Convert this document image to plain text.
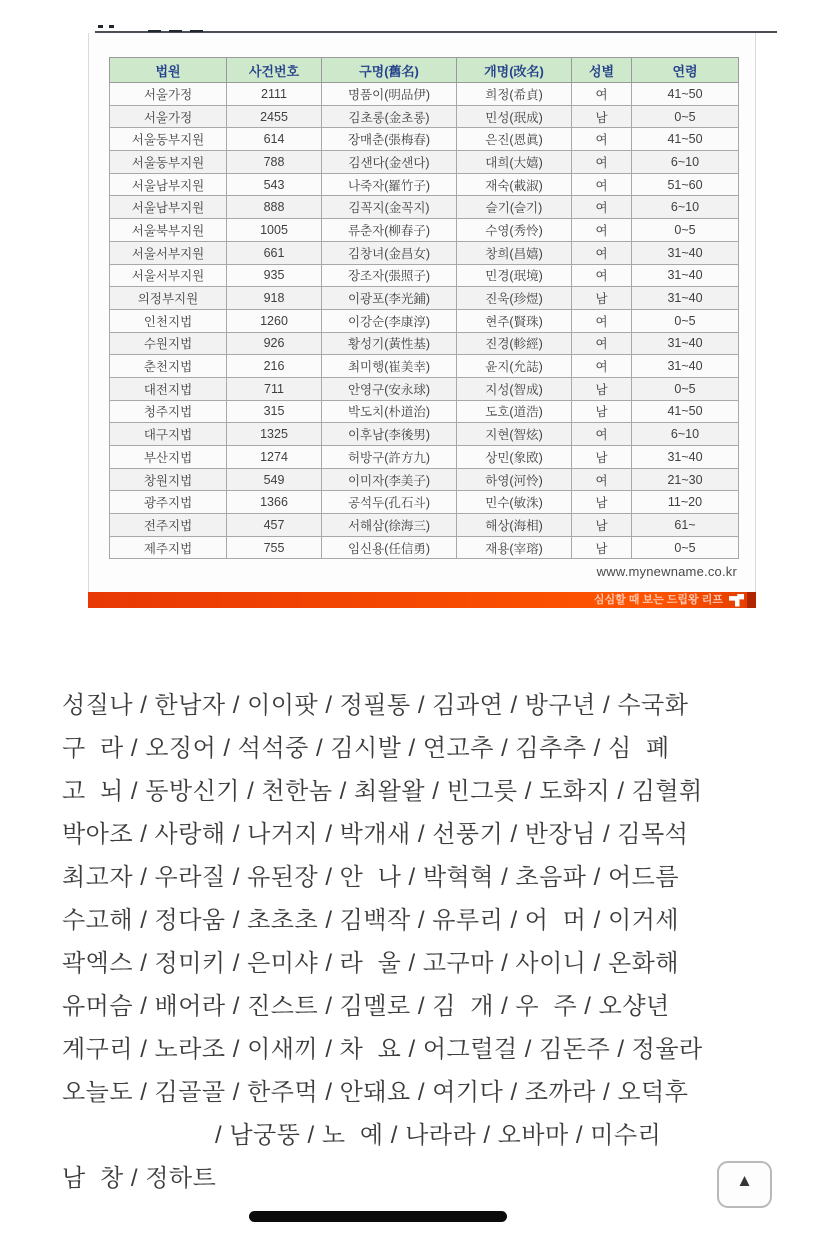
법원	사건번호	구명(舊名)	개명(改名)	성별	연령
서울가정	2111	명품이(明品伊)	희정(希貞)	여	41~50
서울가정	2455	김초롱(金초롱)	민성(珉成)	남	0~5
서울동부지원	614	장매춘(張梅春)	은진(恩眞)	여	41~50
서울동부지원	788	김샌다(金샌다)	대희(大嬉)	여	6~10
서울남부지원	543	나죽자(羅竹子)	재숙(載淑)	여	51~60
서울남부지원	888	김꼭지(金꼭지)	슬기(슬기)	여	6~10
서울북부지원	1005	류춘자(柳春子)	수영(秀怜)	여	0~5
서울서부지원	661	김창녀(金昌女)	창희(昌嬉)	여	31~40
서울서부지원	935	장조자(張照子)	민경(珉境)	여	31~40
의정부지원	918	이광포(李光鋪)	진욱(珍煜)	남	31~40
인천지법	1260	이강순(李康淳)	현주(賢珠)	여	0~5
수원지법	926	황성기(黃性基)	진경(軫經)	여	31~40
춘천지법	216	최미행(崔美幸)	윤지(允誌)	여	31~40
대전지법	711	안영구(安永球)	지성(智成)	남	0~5
청주지법	315	박도치(朴道治)	도호(道浩)	남	41~50
대구지법	1325	이후남(李後男)	지현(智炫)	여	6~10
부산지법	1274	허방구(許方九)	상민(象敃)	남	31~40
창원지법	549	이미자(李美子)	하영(河怜)	여	21~30
광주지법	1366	공석두(孔石斗)	민수(敏洙)	남	11~20
전주지법	457	서해삼(徐海三)	해상(海相)	남	61~
제주지법	755	임신용(任信勇)	재용(宰瑢)	남	0~5
www.mynewname.co.kr
심심할 때 보는 드립왕 리프
성질나 / 한남자 / 이이팟 / 정필통 / 김과연 / 방구년 / 수국화
구  라 / 오징어 / 석석중 / 김시발 / 연고추 / 김추추 / 심  폐
고  뇌 / 동방신기 / 천한놈 / 최왈왈 / 빈그릇 / 도화지 / 김혈휘
박아조 / 사랑해 / 나거지 / 박개새 / 선풍기 / 반장님 / 김목석
최고자 / 우라질 / 유된장 / 안  나 / 박혁혁 / 초음파 / 어드름
수고해 / 정다움 / 초초초 / 김백작 / 유루리 / 어  머 / 이거세
곽엑스 / 정미키 / 은미샤 / 라  울 / 고구마 / 사이니 / 온화해
유머슴 / 배어라 / 진스트 / 김멜로 / 김  개 / 우  주 / 오샹년
계구리 / 노라조 / 이새끼 / 차  요 / 어그럴걸 / 김돈주 / 정율라
오늘도 / 김골골 / 한주먹 / 안돼요 / 여기다 / 조까라 / 오덕후
/ 남궁뚱 / 노  예 / 나라라 / 오바마 / 미수리
남  창 / 정하트	▲
